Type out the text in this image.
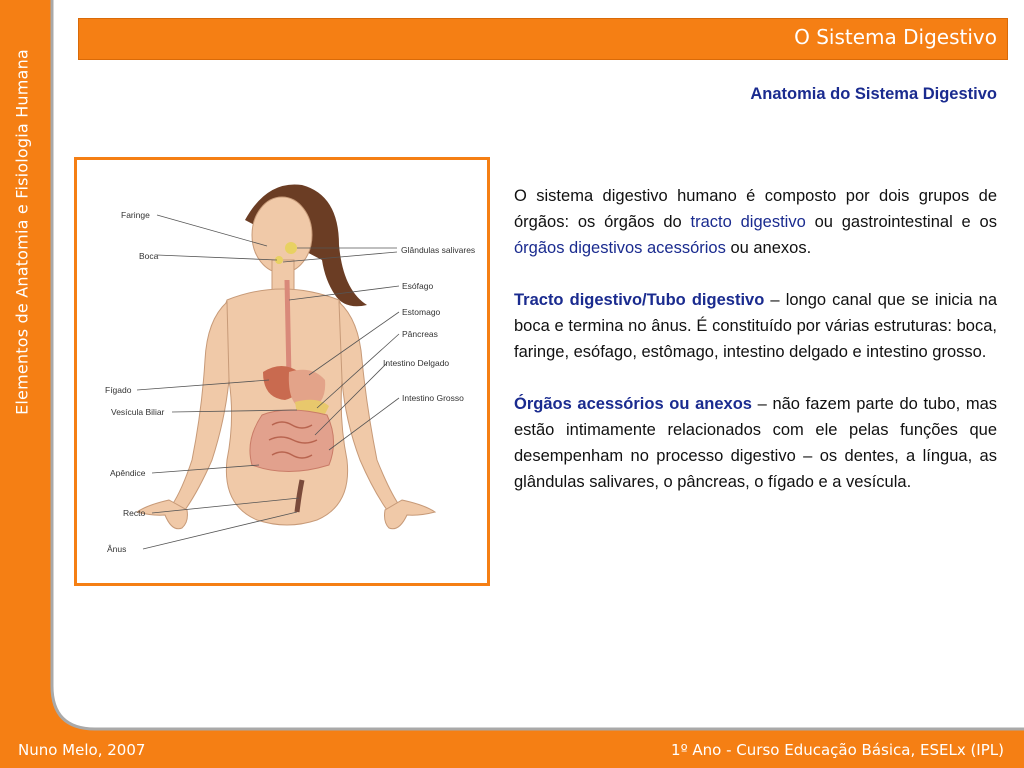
Elementos de Anatomia e Fisiologia Humana
O Sistema Digestivo
Anatomia do Sistema Digestivo
Faringe
Boca
Glândulas salivares
Esófago
Estomago
Pâncreas
Intestino Delgado
Intestino Grosso
Fígado
Vesícula Biliar
Apêndice
Recto
Ânus

O sistema digestivo humano é composto por dois grupos de órgãos: os órgãos do tracto digestivo ou gastrointestinal e os órgãos digestivos acessórios ou anexos.

Tracto digestivo/Tubo digestivo – longo canal que se inicia na boca e termina no ânus. É constituído por várias estruturas: boca, faringe, esófago, estômago, intestino delgado e intestino grosso.

Órgãos acessórios ou anexos – não fazem parte do tubo, mas estão intimamente relacionados com ele pelas funções que desempenham no processo digestivo – os dentes, a língua, as glândulas salivares, o pâncreas, o fígado e a vesícula.

Nuno Melo, 2007	1º Ano - Curso Educação Básica, ESELx (IPL)
